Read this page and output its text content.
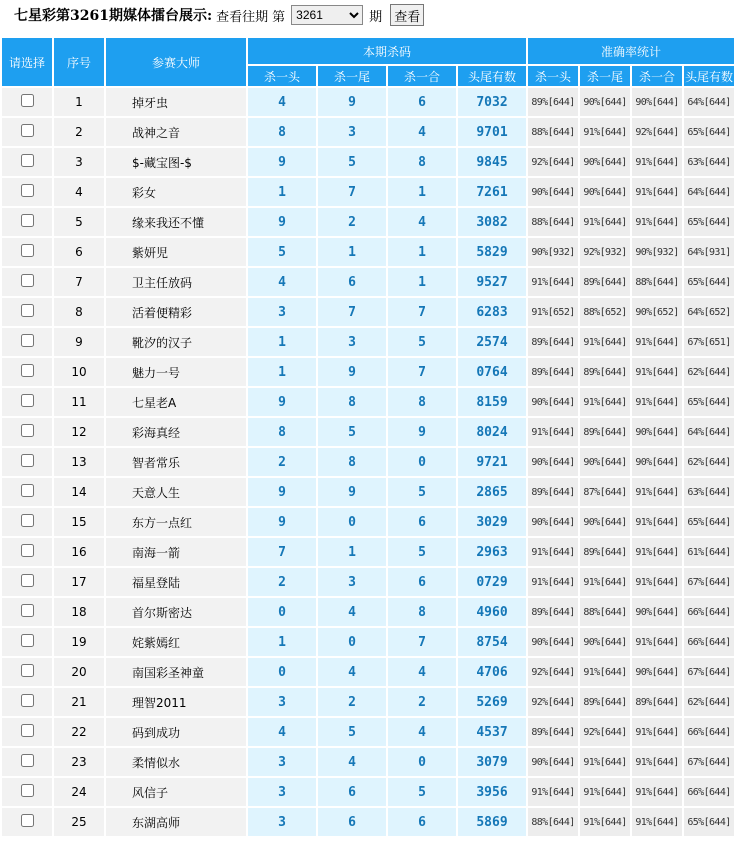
七星彩第3261期媒体擂台展示: 查看往期 第
3261	期 查看
请选择	序号	参赛大师	本期杀码				准确率统计			
			杀一头	杀一尾	杀一合	头尾有数	杀一头	杀一尾	杀一合	头尾有数
	1	掉牙虫	4	9	6	7032	89%[644]	90%[644]	90%[644]	64%[644]
	2	战神之音	8	3	4	9701	88%[644]	91%[644]	92%[644]	65%[644]
	3	$-藏宝图-$	9	5	8	9845	92%[644]	90%[644]	91%[644]	63%[644]
	4	彩女	1	7	1	7261	90%[644]	90%[644]	91%[644]	64%[644]
	5	缘来我还不懂	9	2	4	3082	88%[644]	91%[644]	91%[644]	65%[644]
	6	紫妍児	5	1	1	5829	90%[932]	92%[932]	90%[932]	64%[931]
	7	卫主任放码	4	6	1	9527	91%[644]	89%[644]	88%[644]	65%[644]
	8	活着便精彩	3	7	7	6283	91%[652]	88%[652]	90%[652]	64%[652]
	9	靴汐的汉子	1	3	5	2574	89%[644]	91%[644]	91%[644]	67%[651]
	10	魅力一号	1	9	7	0764	89%[644]	89%[644]	91%[644]	62%[644]
	11	七星老A	9	8	8	8159	90%[644]	91%[644]	91%[644]	65%[644]
	12	彩海真经	8	5	9	8024	91%[644]	89%[644]	90%[644]	64%[644]
	13	智者常乐	2	8	0	9721	90%[644]	90%[644]	90%[644]	62%[644]
	14	天意人生	9	9	5	2865	89%[644]	87%[644]	91%[644]	63%[644]
	15	东方一点红	9	0	6	3029	90%[644]	90%[644]	91%[644]	65%[644]
	16	南海一箭	7	1	5	2963	91%[644]	89%[644]	91%[644]	61%[644]
	17	福星登陆	2	3	6	0729	91%[644]	91%[644]	91%[644]	67%[644]
	18	首尔斯密达	0	4	8	4960	89%[644]	88%[644]	90%[644]	66%[644]
	19	姹紫嫣红	1	0	7	8754	90%[644]	90%[644]	91%[644]	66%[644]
	20	南国彩圣神童	0	4	4	4706	92%[644]	91%[644]	90%[644]	67%[644]
	21	理智2011	3	2	2	5269	92%[644]	89%[644]	89%[644]	62%[644]
	22	码到成功	4	5	4	4537	89%[644]	92%[644]	91%[644]	66%[644]
	23	柔情似水	3	4	0	3079	90%[644]	91%[644]	91%[644]	67%[644]
	24	风信子	3	6	5	3956	91%[644]	91%[644]	91%[644]	66%[644]
	25	东湖高师	3	6	6	5869	88%[644]	91%[644]	91%[644]	65%[644]
